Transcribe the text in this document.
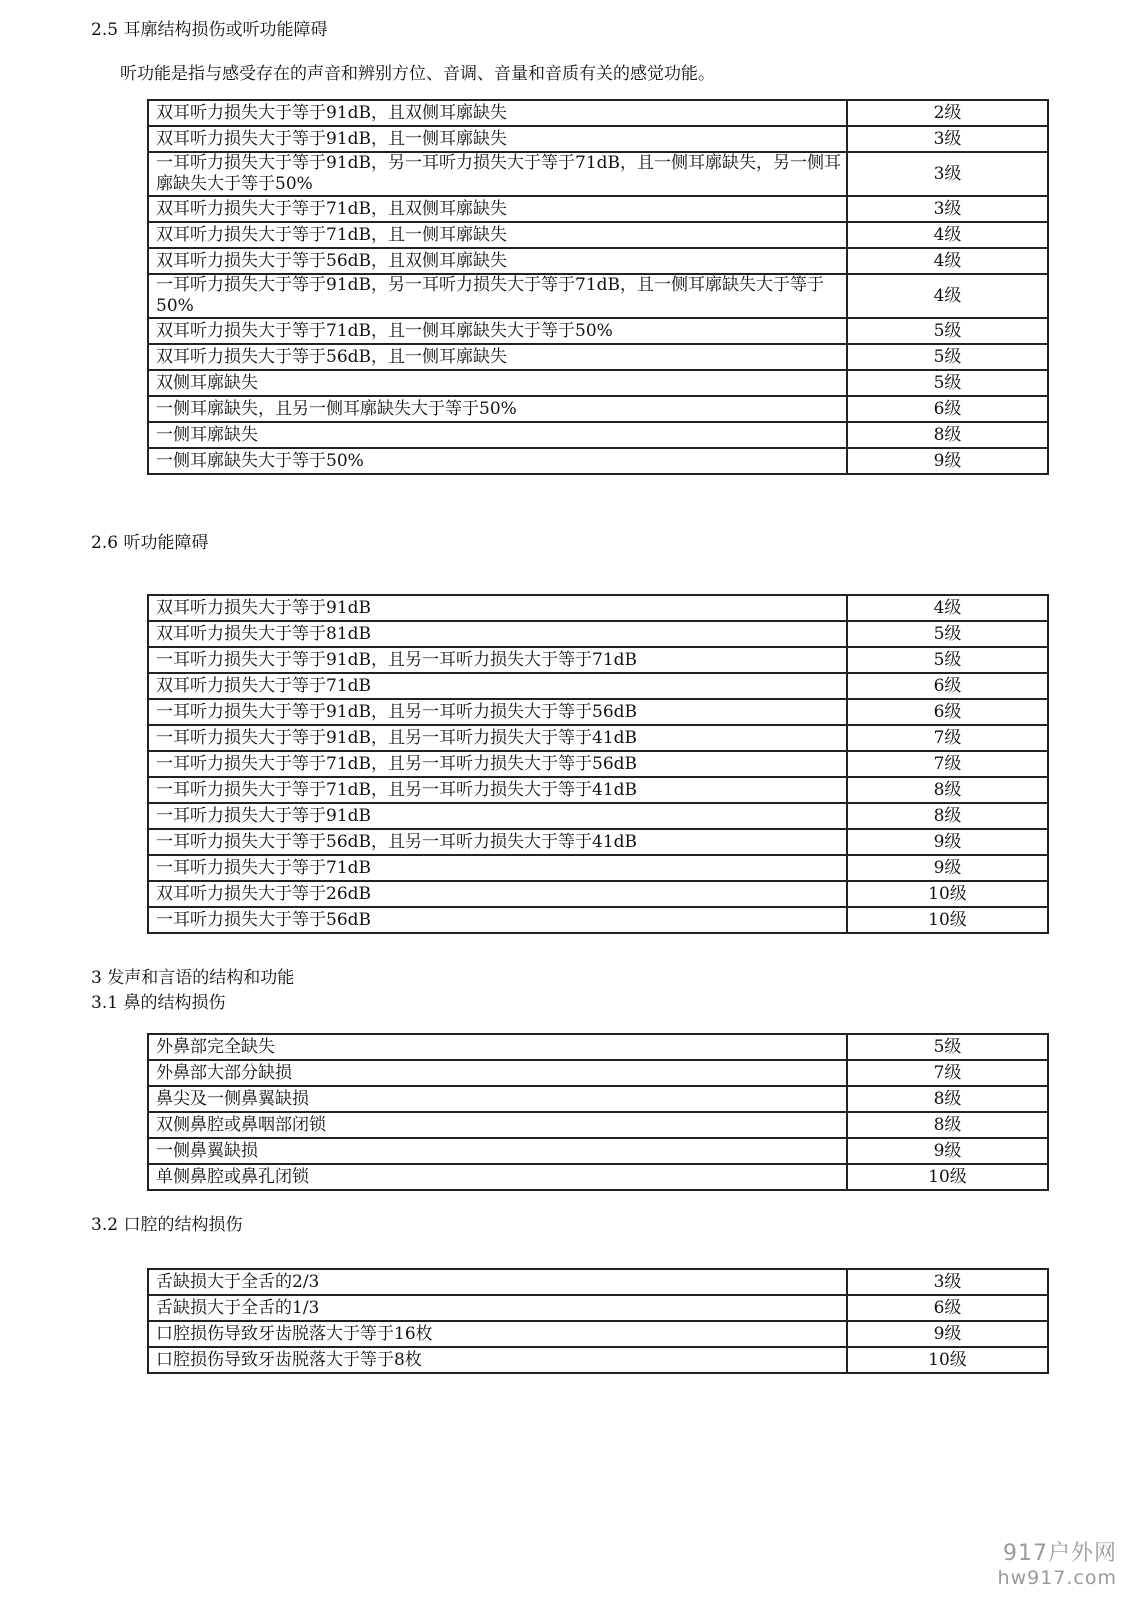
2.5 耳廓结构损伤或听功能障碍
听功能是指与感受存在的声音和辨别方位、音调、音量和音质有关的感觉功能。
双耳听力损失大于等于91dB，且双侧耳廓缺失	2级
双耳听力损失大于等于91dB，且一侧耳廓缺失	3级
一耳听力损失大于等于91dB，另一耳听力损失大于等于71dB，且一侧耳廓缺失，另一侧耳廓缺失大于等于50%	3级
双耳听力损失大于等于71dB，且双侧耳廓缺失	3级
双耳听力损失大于等于71dB，且一侧耳廓缺失	4级
双耳听力损失大于等于56dB，且双侧耳廓缺失	4级
一耳听力损失大于等于91dB，另一耳听力损失大于等于71dB，且一侧耳廓缺失大于等于50%	4级
双耳听力损失大于等于71dB，且一侧耳廓缺失大于等于50%	5级
双耳听力损失大于等于56dB，且一侧耳廓缺失	5级
双侧耳廓缺失	5级
一侧耳廓缺失，且另一侧耳廓缺失大于等于50%	6级
一侧耳廓缺失	8级
一侧耳廓缺失大于等于50%	9级
2.6 听功能障碍
双耳听力损失大于等于91dB	4级
双耳听力损失大于等于81dB	5级
一耳听力损失大于等于91dB，且另一耳听力损失大于等于71dB	5级
双耳听力损失大于等于71dB	6级
一耳听力损失大于等于91dB，且另一耳听力损失大于等于56dB	6级
一耳听力损失大于等于91dB，且另一耳听力损失大于等于41dB	7级
一耳听力损失大于等于71dB，且另一耳听力损失大于等于56dB	7级
一耳听力损失大于等于71dB，且另一耳听力损失大于等于41dB	8级
一耳听力损失大于等于91dB	8级
一耳听力损失大于等于56dB，且另一耳听力损失大于等于41dB	9级
一耳听力损失大于等于71dB	9级
双耳听力损失大于等于26dB	10级
一耳听力损失大于等于56dB	10级
3 发声和言语的结构和功能
3.1 鼻的结构损伤
外鼻部完全缺失	5级
外鼻部大部分缺损	7级
鼻尖及一侧鼻翼缺损	8级
双侧鼻腔或鼻咽部闭锁	8级
一侧鼻翼缺损	9级
单侧鼻腔或鼻孔闭锁	10级
3.2 口腔的结构损伤
舌缺损大于全舌的2/3	3级
舌缺损大于全舌的1/3	6级
口腔损伤导致牙齿脱落大于等于16枚	9级
口腔损伤导致牙齿脱落大于等于8枚	10级
917户外网
hw917.com
